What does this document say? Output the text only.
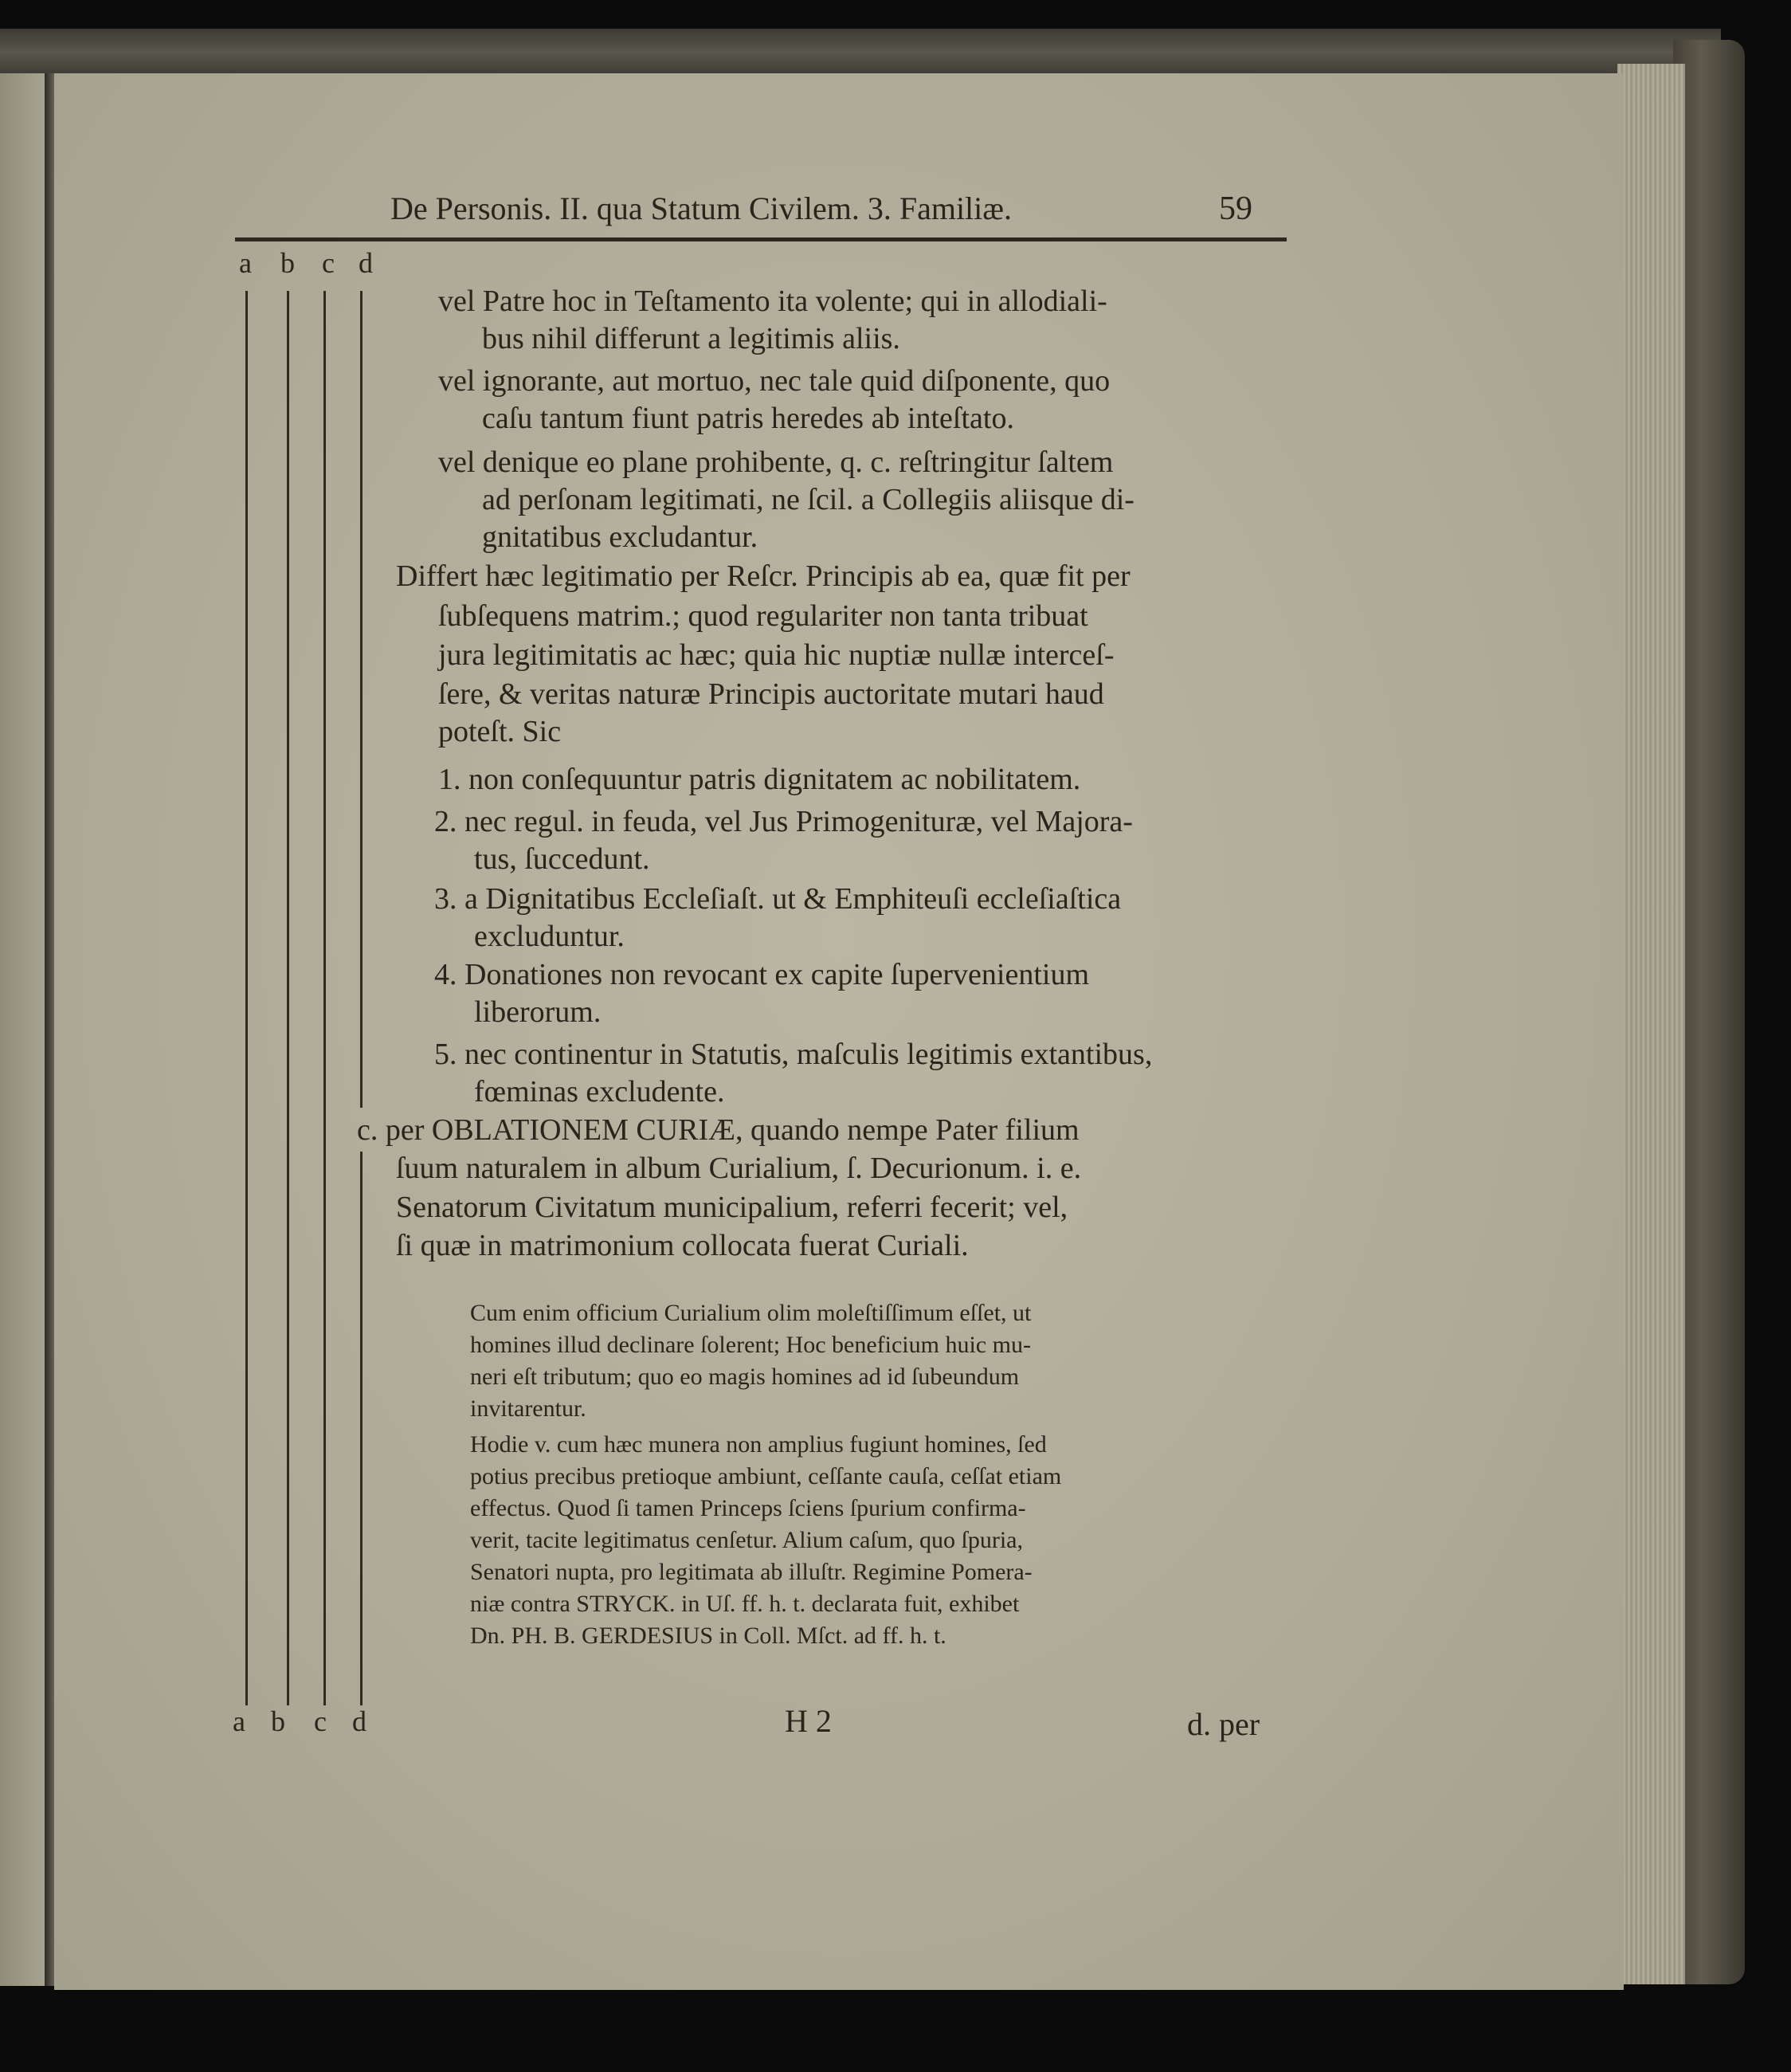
De Personis. II. qua Statum Civilem. 3. Familiæ.	59
a b c d
vel Patre hoc in Teſtamento ita volente; qui in allodiali-
bus nihil differunt a legitimis aliis.
vel ignorante, aut mortuo, nec tale quid diſponente, quo
caſu tantum fiunt patris heredes ab inteſtato.
vel denique eo plane prohibente, q. c. reſtringitur ſaltem
ad perſonam legitimati, ne ſcil. a Collegiis aliisque di-
gnitatibus excludantur.
Differt hæc legitimatio per Reſcr. Principis ab ea, quæ fit per
ſubſequens matrim.; quod regulariter non tanta tribuat
jura legitimitatis ac hæc; quia hic nuptiæ nullæ interceſ-
ſere, & veritas naturæ Principis auctoritate mutari haud
poteſt. Sic
1. non conſequuntur patris dignitatem ac nobilitatem.
2. nec regul. in feuda, vel Jus Primogenituræ, vel Majora-
tus, ſuccedunt.
3. a Dignitatibus Eccleſiaſt. ut & Emphiteuſi eccleſiaſtica
excluduntur.
4. Donationes non revocant ex capite ſupervenientium
liberorum.
5. nec continentur in Statutis, maſculis legitimis extantibus,
fœminas excludente.
c. per OBLATIONEM CURIÆ, quando nempe Pater filium
ſuum naturalem in album Curialium, ſ. Decurionum. i. e.
Senatorum Civitatum municipalium, referri fecerit; vel,
ſi quæ in matrimonium collocata fuerat Curiali.
Cum enim officium Curialium olim moleſtiſſimum eſſet, ut
homines illud declinare ſolerent; Hoc beneficium huic mu-
neri eſt tributum; quo eo magis homines ad id ſubeundum
invitarentur.
Hodie v. cum hæc munera non amplius fugiunt homines, ſed
potius precibus pretioque ambiunt, ceſſante cauſa, ceſſat etiam
effectus. Quod ſi tamen Princeps ſciens ſpurium confirma-
verit, tacite legitimatus cenſetur. Alium caſum, quo ſpuria,
Senatori nupta, pro legitimata ab illuſtr. Regimine Pomera-
niæ contra STRYCK. in Uſ. ff. h. t. declarata fuit, exhibet
Dn. PH. B. GERDESIUS in Coll. Mſct. ad ff. h. t.
a b c d	H 2	d. per
